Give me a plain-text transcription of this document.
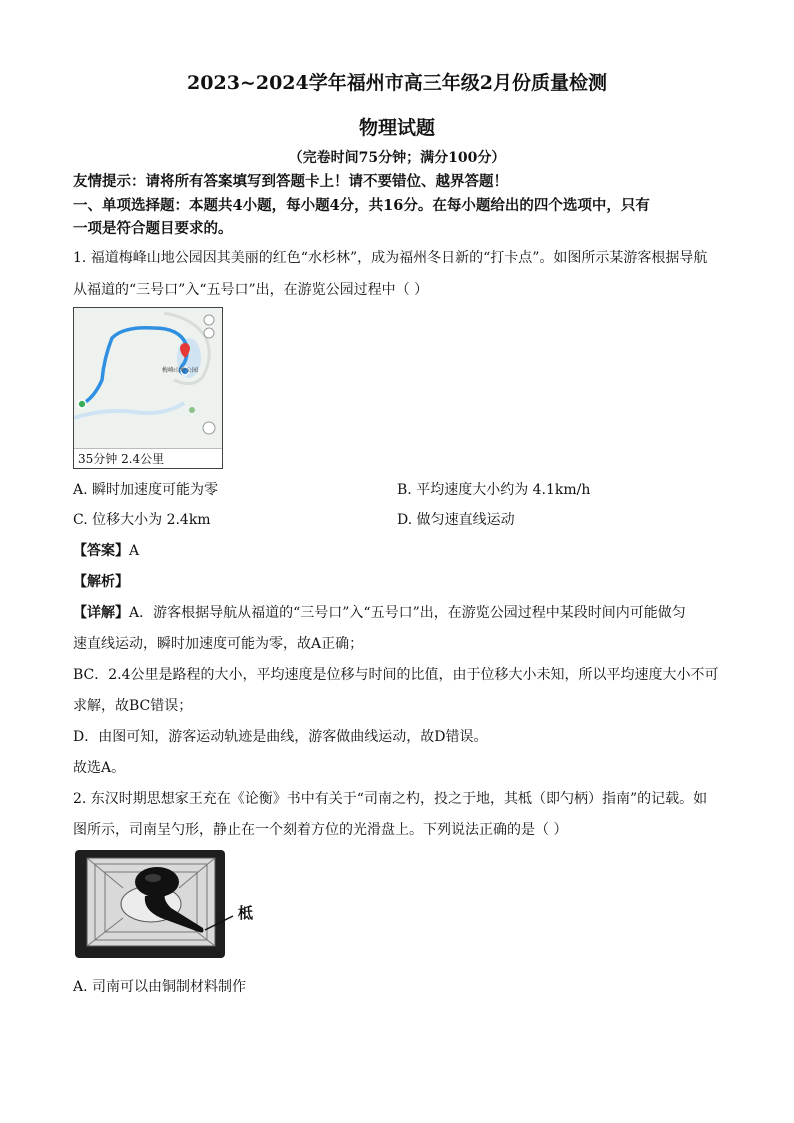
2023~2024学年福州市高三年级2月份质量检测
物理试题
（完卷时间75分钟；满分100分）
友情提示：请将所有答案填写到答题卡上！请不要错位、越界答题！
一、单项选择题：本题共4小题，每小题4分，共16分。在每小题给出的四个选项中，只有
一项是符合题目要求的。
1. 福道梅峰山地公园因其美丽的红色“水杉林”，成为福州冬日新的“打卡点”。如图所示某游客根据导航
从福道的“三号口”入“五号口”出，在游览公园过程中（ ）
梅峰山地公园
35分钟 2.4公里
A. 瞬时加速度可能为零	B. 平均速度大小约为 4.1km/h
C. 位移大小为 2.4km	D. 做匀速直线运动
【答案】A
【解析】
【详解】A．游客根据导航从福道的“三号口”入“五号口”出，在游览公园过程中某段时间内可能做匀
速直线运动，瞬时加速度可能为零，故A正确；
BC．2.4公里是路程的大小，平均速度是位移与时间的比值，由于位移大小未知，所以平均速度大小不可
求解，故BC错误；
D．由图可知，游客运动轨迹是曲线，游客做曲线运动，故D错误。
故选A。
2. 东汉时期思想家王充在《论衡》书中有关于“司南之杓，投之于地，其柢（即勺柄）指南”的记载。如
图所示，司南呈勺形，静止在一个刻着方位的光滑盘上。下列说法正确的是（ ）
柢
A. 司南可以由铜制材料制作
